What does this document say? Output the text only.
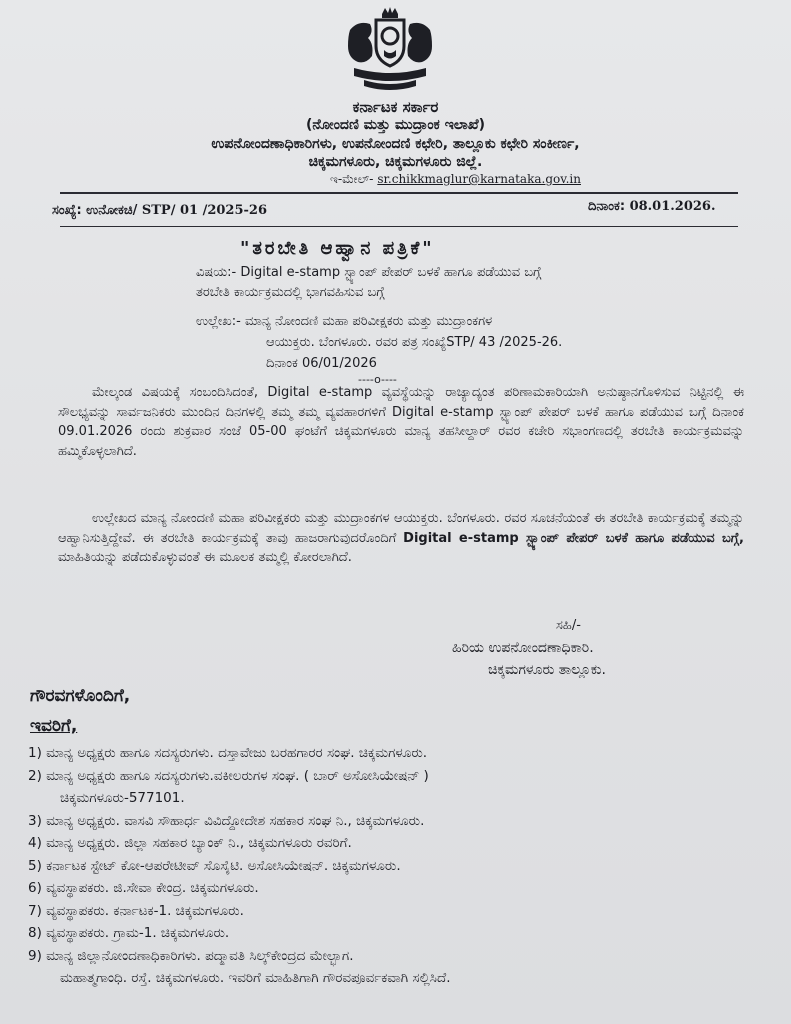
ಕರ್ನಾಟಕ ಸರ್ಕಾರ
(ನೋಂದಣಿ ಮತ್ತು ಮುದ್ರಾಂಕ ಇಲಾಖೆ)
ಉಪನೋಂದಣಾಧಿಕಾರಿಗಳು, ಉಪನೋಂದಣಿ ಕಛೇರಿ, ತಾಲ್ಲೂಕು ಕಛೇರಿ ಸಂಕೀರ್ಣ,
ಚಿಕ್ಕಮಗಳೂರು, ಚಿಕ್ಕಮಗಳೂರು ಜಿಲ್ಲೆ.
ಇ-ಮೇಲ್- sr.chikkmaglur@karnataka.gov.in
ಸಂಖ್ಯೆ: ಉನೋಕಚಿ/ STP/ 01 /2025-26	ದಿನಾಂಕ: 08.01.2026.
"ತರಬೇತಿ ಆಹ್ವಾನ ಪತ್ರಿಕೆ"
ವಿಷಯ:- Digital e-stamp ಸ್ಟ್ಯಾಂಪ್ ಪೇಪರ್ ಬಳಕೆ ಹಾಗೂ ಪಡೆಯುವ ಬಗ್ಗೆ
ತರಬೇತಿ ಕಾರ್ಯಕ್ರಮದಲ್ಲಿ ಭಾಗವಹಿಸುವ ಬಗ್ಗೆ
ಉಲ್ಲೇಖ:- ಮಾನ್ಯ ನೋಂದಣಿ ಮಹಾ ಪರಿವೀಕ್ಷಕರು ಮತ್ತು ಮುದ್ರಾಂಕಗಳ
ಆಯುಕ್ತರು. ಬೆಂಗಳೂರು. ರವರ ಪತ್ರ ಸಂಖ್ಯೆSTP/ 43 /2025-26.
ದಿನಾಂಕ 06/01/2026
----o----
ಮೇಲ್ಕಂಡ ವಿಷಯಕ್ಕೆ ಸಂಬಂದಿಸಿದಂತೆ, Digital e-stamp ವ್ಯವಸ್ಥೆಯನ್ನು ರಾಜ್ಯಾದ್ಯಂತ ಪರಿಣಾಮಕಾರಿಯಾಗಿ ಅನುಷ್ಠಾನಗೊಳಿಸುವ ನಿಟ್ಟಿನಲ್ಲಿ ಈ ಸೌಲಭ್ಯವನ್ನು ಸಾರ್ವಜನಿಕರು ಮುಂದಿನ ದಿನಗಳಲ್ಲಿ ತಮ್ಮ ತಮ್ಮ ವ್ಯವಹಾರಗಳಿಗೆ Digital e-stamp ಸ್ಟ್ಯಾಂಪ್ ಪೇಪರ್ ಬಳಕೆ ಹಾಗೂ ಪಡೆಯುವ ಬಗ್ಗೆ ದಿನಾಂಕ 09.01.2026 ರಂದು ಶುಕ್ರವಾರ ಸಂಜೆ 05-00 ಘಂಟೆಗೆ ಚಿಕ್ಕಮಗಳೂರು ಮಾನ್ಯ ತಹಸೀಲ್ದಾರ್ ರವರ ಕಚೇರಿ ಸಭಾಂಗಣದಲ್ಲಿ ತರಬೇತಿ ಕಾರ್ಯಕ್ರಮವನ್ನು ಹಮ್ಮಿಕೊಳ್ಳಲಾಗಿದೆ.
ಉಲ್ಲೇಖದ ಮಾನ್ಯ ನೋಂದಣಿ ಮಹಾ ಪರಿವೀಕ್ಷಕರು ಮತ್ತು ಮುದ್ರಾಂಕಗಳ ಆಯುಕ್ತರು. ಬೆಂಗಳೂರು. ರವರ ಸೂಚನೆಯಂತೆ ಈ ತರಬೇತಿ ಕಾರ್ಯಕ್ರಮಕ್ಕೆ ತಮ್ಮನ್ನು ಆಹ್ವಾನಿಸುತ್ತಿದ್ದೇವೆ. ಈ ತರಬೇತಿ ಕಾರ್ಯಕ್ರಮಕ್ಕೆ ತಾವು ಹಾಜರಾಗುವುದರೊಂದಿಗೆ Digital e-stamp ಸ್ಟ್ಯಾಂಪ್ ಪೇಪರ್ ಬಳಕೆ ಹಾಗೂ ಪಡೆಯುವ ಬಗ್ಗೆ, ಮಾಹಿತಿಯನ್ನು ಪಡೆದುಕೊಳ್ಳುವಂತೆ ಈ ಮೂಲಕ ತಮ್ಮಲ್ಲಿ ಕೋರಲಾಗಿದೆ.
ಸಹಿ/-
ಹಿರಿಯ ಉಪನೋಂದಣಾಧಿಕಾರಿ.
ಚಿಕ್ಕಮಗಳೂರು ತಾಲ್ಲೂಕು.
ಗೌರವಗಳೊಂದಿಗೆ,
ಇವರಿಗೆ,
1) ಮಾನ್ಯ ಅಧ್ಯಕ್ಷರು ಹಾಗೂ ಸದಸ್ಯರುಗಳು. ದಸ್ತಾವೇಜು ಬರಹಗಾರರ ಸಂಘ. ಚಿಕ್ಕಮಗಳೂರು.
2) ಮಾನ್ಯ ಅಧ್ಯಕ್ಷರು ಹಾಗೂ ಸದಸ್ಯರುಗಳು.ವಕೀಲರುಗಳ ಸಂಘ. ( ಬಾರ್ ಅಸೋಸಿಯೇಷನ್ )
ಚಿಕ್ಕಮಗಳೂರು-577101.
3) ಮಾನ್ಯ ಅಧ್ಯಕ್ಷರು. ವಾಸವಿ ಸೌಹಾರ್ಧ ವಿವಿದ್ದೋದೇಶ ಸಹಕಾರ ಸಂಘ ನಿ., ಚಿಕ್ಕಮಗಳೂರು.
4) ಮಾನ್ಯ ಅಧ್ಯಕ್ಷರು. ಜಿಲ್ಲಾ ಸಹಕಾರ ಬ್ಯಾಂಕ್ ನಿ., ಚಿಕ್ಕಮಗಳೂರು ರವರಿಗೆ.
5) ಕರ್ನಾಟಕ ಸ್ಟೇಟ್ ಕೋ-ಆಪರೇಟೀವ್ ಸೊಸೈಟಿ. ಅಸೋಸಿಯೇಷನ್. ಚಿಕ್ಕಮಗಳೂರು.
6) ವ್ಯವಸ್ಥಾಪಕರು. ಜಿ.ಸೇವಾ ಕೇಂದ್ರ. ಚಿಕ್ಕಮಗಳೂರು.
7) ವ್ಯವಸ್ಥಾಪಕರು. ಕರ್ನಾಟಕ-1. ಚಿಕ್ಕಮಗಳೂರು.
8) ವ್ಯವಸ್ಥಾಪಕರು. ಗ್ರಾಮ-1. ಚಿಕ್ಕಮಗಳೂರು.
9) ಮಾನ್ಯ ಜಿಲ್ಲಾನೋಂದಣಾಧಿಕಾರಿಗಳು. ಪದ್ಮಾವತಿ ಸಿಲ್ಕ್‌ಕೇಂದ್ರದ ಮೇಲ್ಭಾಗ.
ಮಹಾತ್ಮಗಾಂಧಿ. ರಸ್ತೆ. ಚಿಕ್ಕಮಗಳೂರು. ಇವರಿಗೆ ಮಾಹಿತಿಗಾಗಿ ಗೌರವಪೂರ್ವಕವಾಗಿ ಸಲ್ಲಿಸಿದೆ.
